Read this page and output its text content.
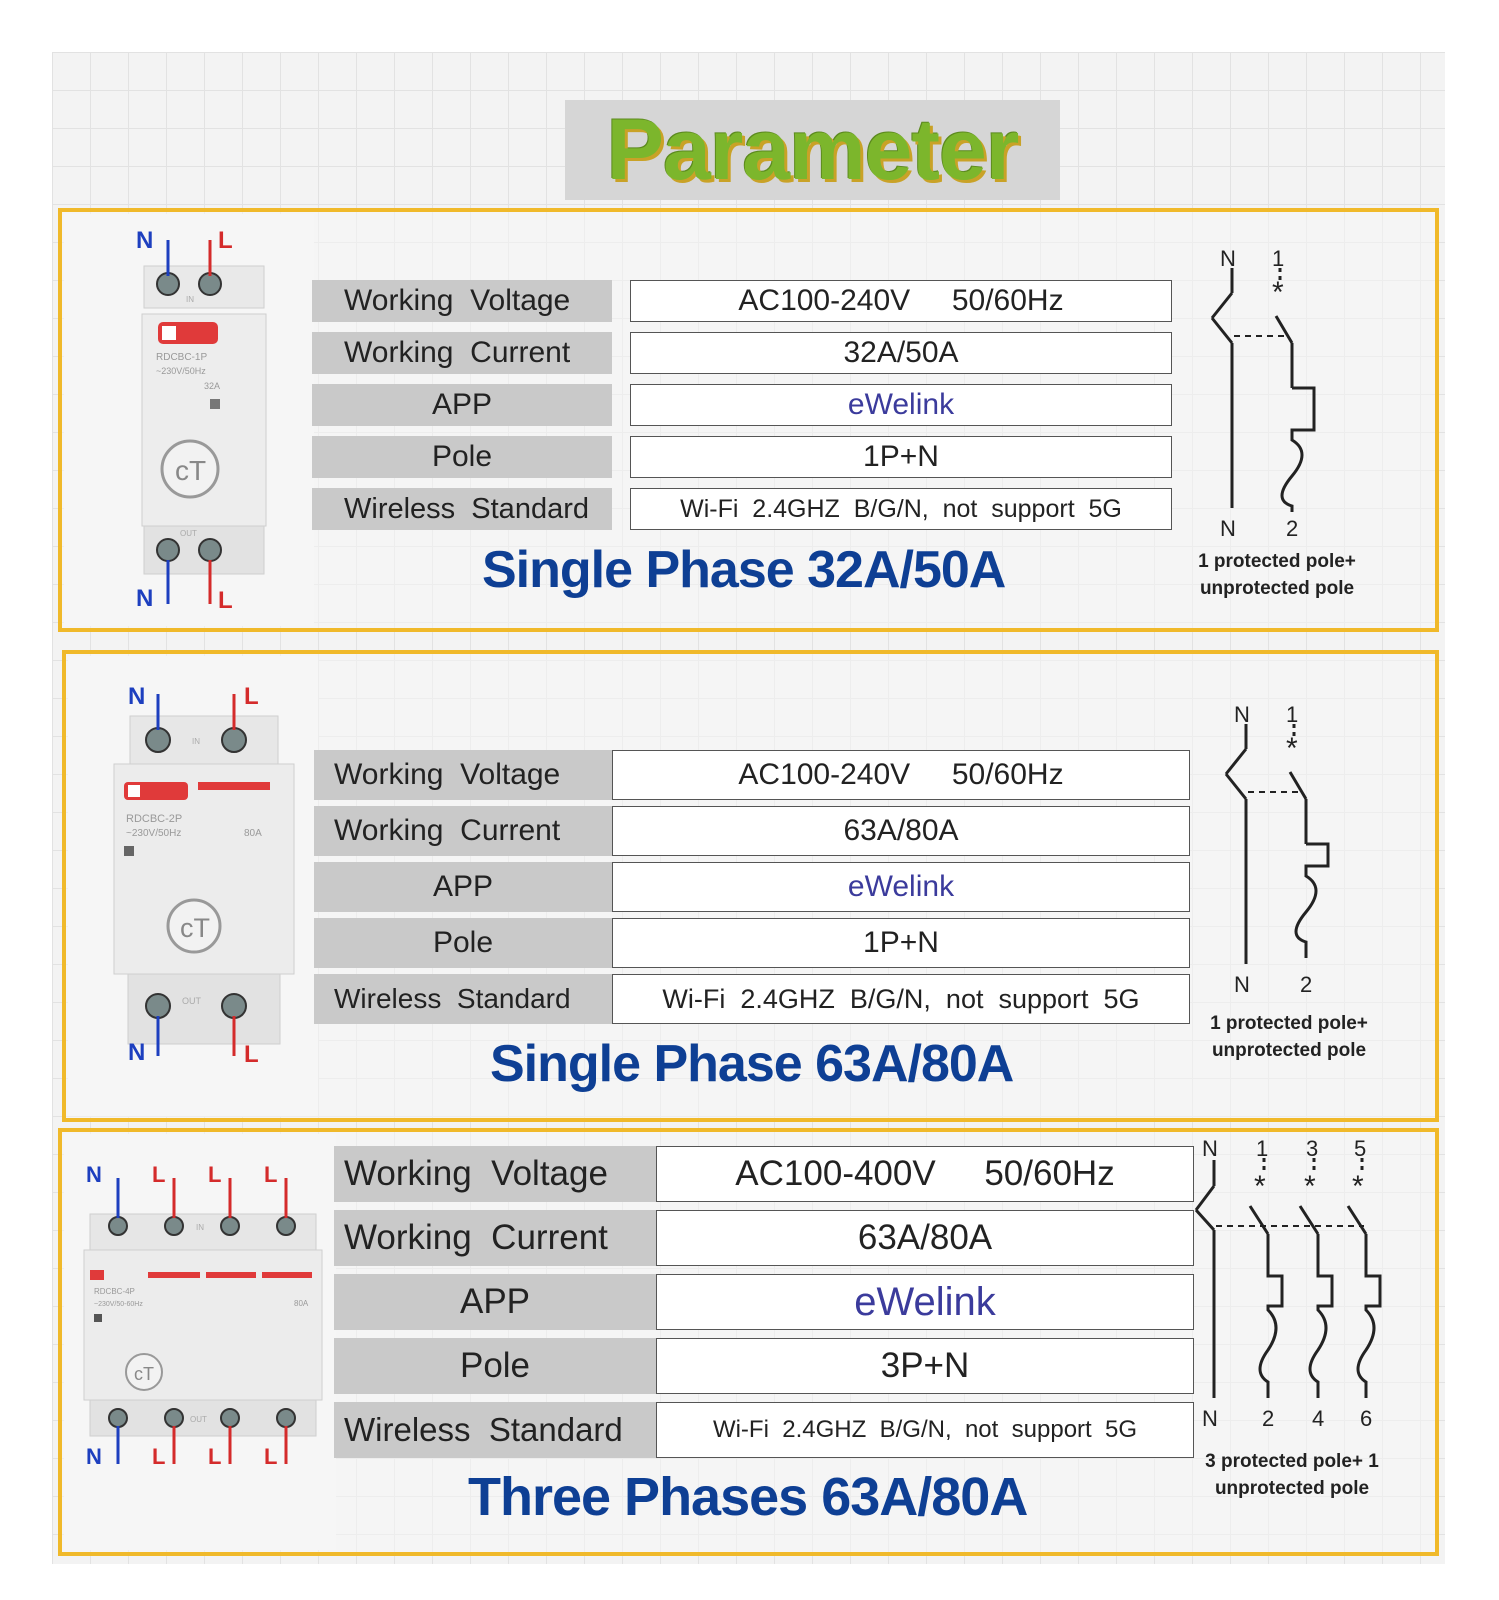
Parameter
RDCBC-1P
~230V/50Hz
32A
cT
IN
OUT
N	L
N	L
Working  Voltage	AC100-240V     50/60Hz
Working  Current	32A/50A
APP	eWelink
Pole	1P+N
Wireless  Standard	Wi-Fi  2.4GHZ  B/G/N,  not  support  5G
Single Phase 32A/50A
N 1
*
N 2
1 protected pole+
unprotected pole
RDCBC-2P
~230V/50Hz	80A
cT
IN
OUT
N	L
N	L
Working  Voltage	AC100-240V     50/60Hz
Working  Current	63A/80A
APP	eWelink
Pole	1P+N
Wireless  Standard	Wi-Fi  2.4GHZ  B/G/N,  not  support  5G
Single Phase 63A/80A
N 1
*
N 2
1 protected pole+
unprotected pole
RDCBC-4P
~230V/50-60Hz	80A
cT
IN
OUT
N L L L
N L L L
Working  Voltage	AC100-400V     50/60Hz
Working  Current	63A/80A
APP	eWelink
Pole	3P+N
Wireless  Standard	Wi-Fi  2.4GHZ  B/G/N,  not  support  5G
Three Phases 63A/80A
N 1 3 5
* * *
N 2 4 6
3 protected pole+ 1
unprotected pole
